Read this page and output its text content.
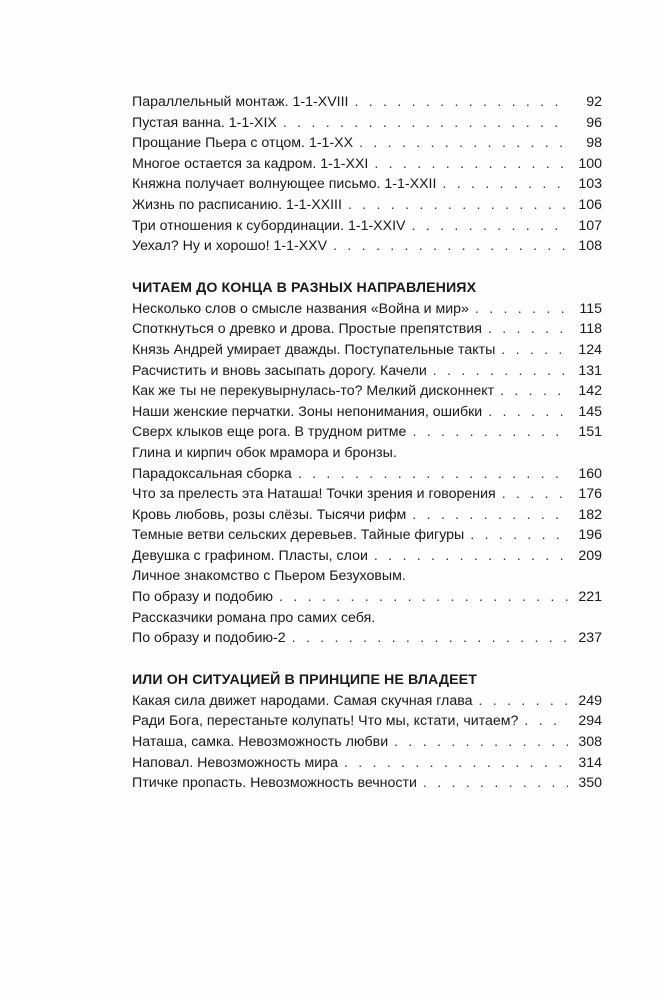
Параллельный монтаж. 1-1-XVIII . . .	92
Пустая ванна. 1-1-XIX . . .	96
Прощание Пьера с отцом. 1-1-XX . . .	98
Многое остается за кадром. 1-1-XXI . . .	100
Княжна получает волнующее письмо. 1-1-XXII . . .	103
Жизнь по расписанию. 1-1-XXIII . . .	106
Три отношения к субординации. 1-1-XXIV . . .	107
Уехал? Ну и хорошо! 1-1-XXV . . .	108
ЧИТАЕМ ДО КОНЦА В РАЗНЫХ НАПРАВЛЕНИЯХ
Несколько слов о смысле названия «Война и мир» . . .	115
Споткнуться о древко и дрова. Простые препятствия . . .	118
Князь Андрей умирает дважды. Поступательные такты . . .	124
Расчистить и вновь засыпать дорогу. Качели . . .	131
Как же ты не перекувырнулась-то? Мелкий дисконнект . . .	142
Наши женские перчатки. Зоны непонимания, ошибки . . .	145
Сверх клыков еще рога. В трудном ритме . . .	151
Глина и кирпич обок мрамора и бронзы.
Парадоксальная сборка . . .	160
Что за прелесть эта Наташа! Точки зрения и говорения . . .	176
Кровь любовь, розы слёзы. Тысячи рифм . . .	182
Темные ветви сельских деревьев. Тайные фигуры . . .	196
Девушка с графином. Пласты, слои . . .	209
Личное знакомство с Пьером Безуховым.
По образу и подобию . . .	221
Рассказчики романа про самих себя.
По образу и подобию-2 . . .	237
ИЛИ ОН СИТУАЦИЕЙ В ПРИНЦИПЕ НЕ ВЛАДЕЕТ
Какая сила движет народами. Самая скучная глава . . .	249
Ради Бога, перестаньте колупать! Что мы, кстати, читаем? . . .	294
Наташа, самка. Невозможность любви . . .	308
Наповал. Невозможность мира . . .	314
Птичке пропасть. Невозможность вечности . . .	350
